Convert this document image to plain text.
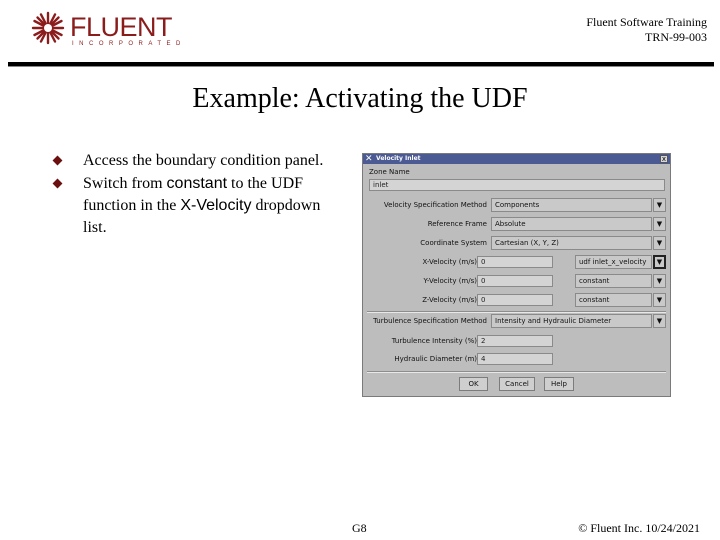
FLUENT
INCORPORATED
Fluent Software Training
TRN-99-003
Example: Activating the UDF
Access the boundary condition panel.
Switch from constant to the UDF function in the X-Velocity dropdown list.
✕ Velocity Inlet	x
Zone Name
inlet
Velocity Specification Method	Components	▼
Reference Frame	Absolute	▼
Coordinate System	Cartesian (X, Y, Z)	▼
X-Velocity (m/s) 0	udf inlet_x_velocity	▼
Y-Velocity (m/s) 0	constant	▼
Z-Velocity (m/s) 0	constant	▼
Turbulence Specification Method	Intensity and Hydraulic Diameter	▼
Turbulence Intensity (%) 2
Hydraulic Diameter (m) 4
OK	Cancel	Help
G8	© Fluent Inc. 10/24/2021
